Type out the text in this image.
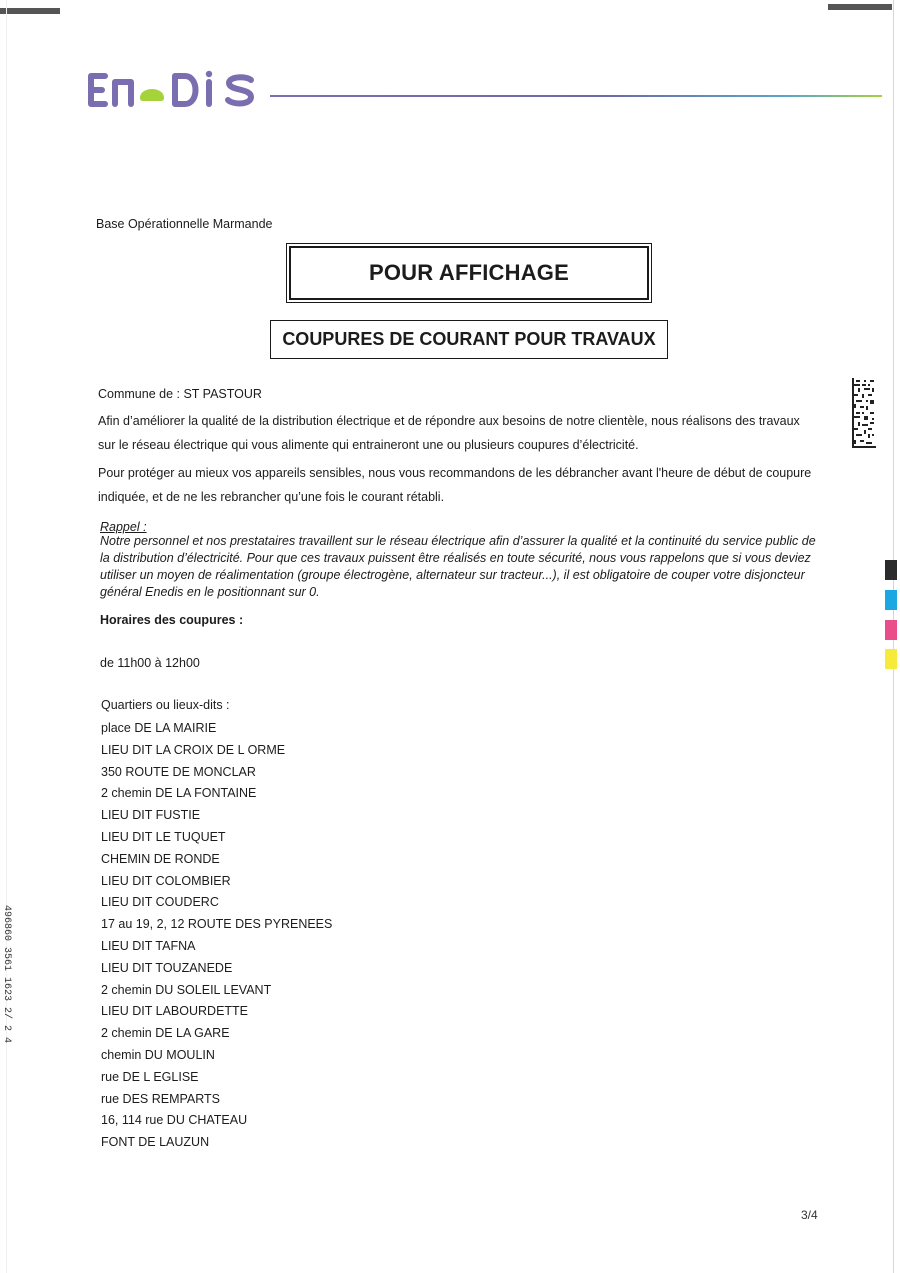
Base Opérationnelle Marmande
POUR AFFICHAGE
COUPURES DE COURANT POUR TRAVAUX
Commune de : ST PASTOUR
Afin d’améliorer la qualité de la distribution électrique et de répondre aux besoins de notre clientèle, nous réalisons des travaux sur le réseau électrique qui vous alimente qui entraineront une ou plusieurs coupures d’électricité.
Pour protéger au mieux vos appareils sensibles, nous vous recommandons de les débrancher avant l'heure de début de coupure indiquée, et de ne les rebrancher qu’une fois le courant rétabli.
Rappel :
Notre personnel et nos prestataires travaillent sur le réseau électrique afin d’assurer la qualité et la continuité du service public de la distribution d’électricité. Pour que ces travaux puissent être réalisés en toute sécurité, nous vous rappelons que si vous deviez utiliser un moyen de réalimentation (groupe électrogène, alternateur sur tracteur...), il est obligatoire de couper votre disjoncteur général Enedis en le positionnant sur 0.
Horaires des coupures :
de 11h00 à 12h00
Quartiers ou lieux-dits :
place DE LA MAIRIE
LIEU DIT LA CROIX DE L ORME
350 ROUTE DE MONCLAR
2 chemin DE LA FONTAINE
LIEU DIT FUSTIE
LIEU DIT LE TUQUET
CHEMIN DE RONDE
LIEU DIT COLOMBIER
LIEU DIT COUDERC
17 au 19, 2, 12 ROUTE DES PYRENEES
LIEU DIT TAFNA
LIEU DIT TOUZANEDE
2 chemin DU SOLEIL LEVANT
LIEU DIT LABOURDETTE
2 chemin DE LA GARE
chemin DU MOULIN
rue DE L EGLISE
rue DES REMPARTS
16, 114 rue DU CHATEAU
FONT DE LAUZUN
496860 3561 1623 2/ 2 4
3/4
